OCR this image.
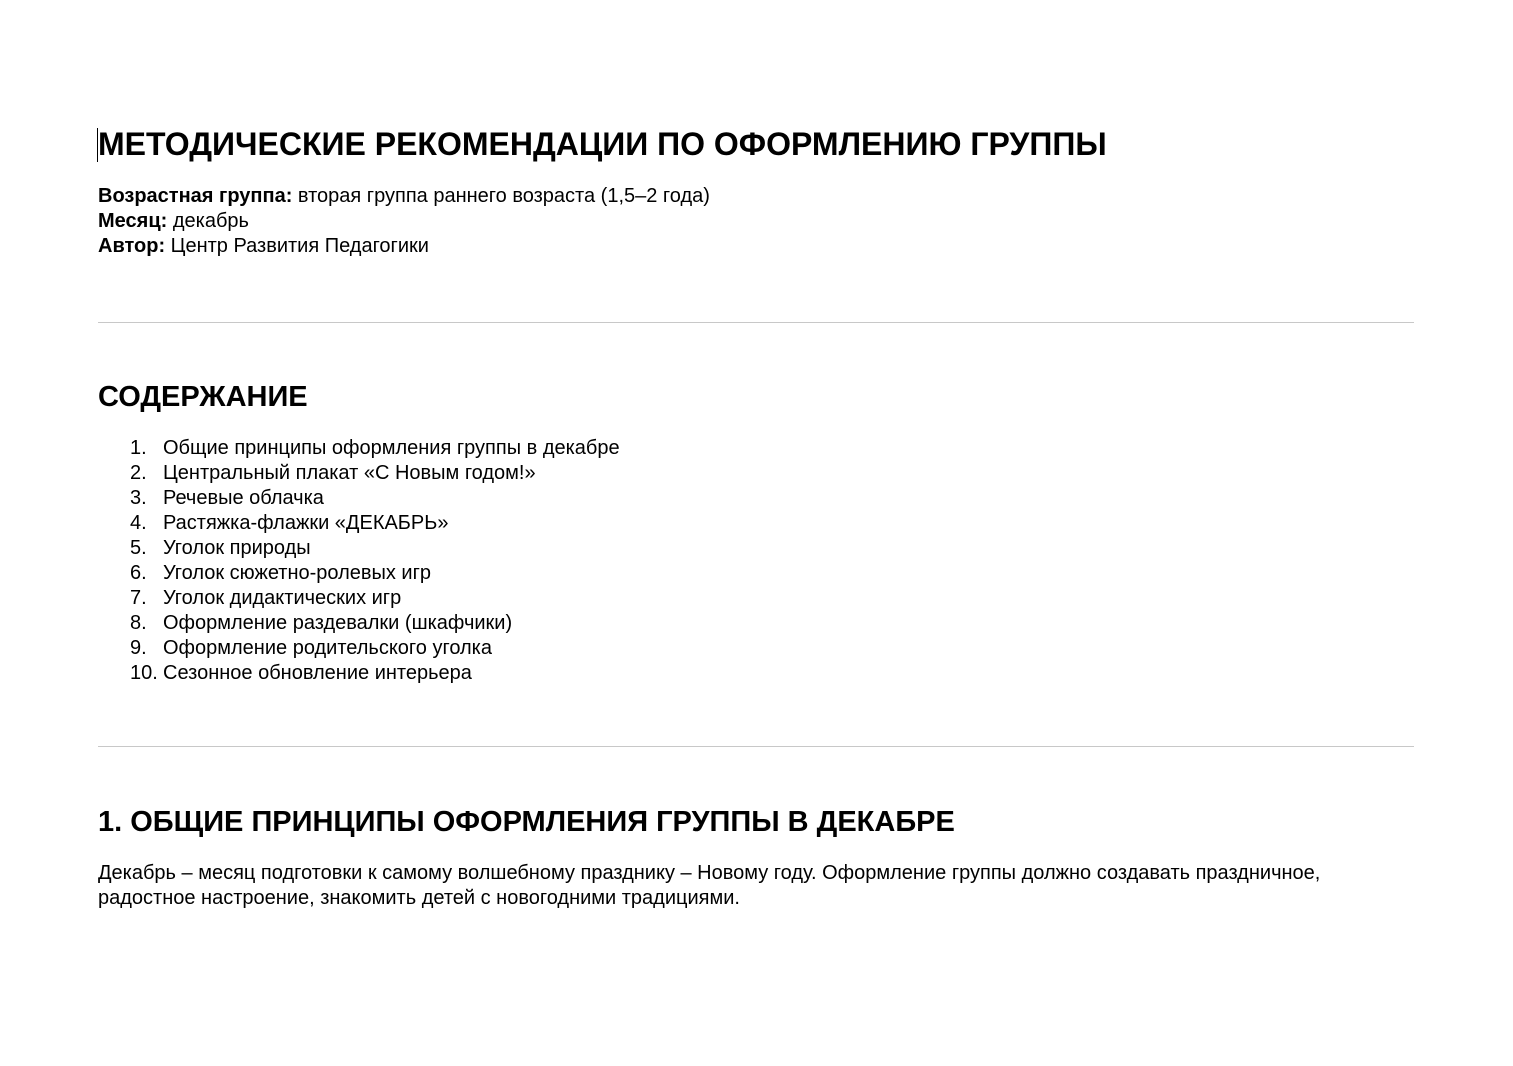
МЕТОДИЧЕСКИЕ РЕКОМЕНДАЦИИ ПО ОФОРМЛЕНИЮ ГРУППЫ
Возрастная группа: вторая группа раннего возраста (1,5–2 года)
Месяц: декабрь
Автор: Центр Развития Педагогики
СОДЕРЖАНИЕ
1. Общие принципы оформления группы в декабре
2. Центральный плакат «С Новым годом!»
3. Речевые облачка
4. Растяжка-флажки «ДЕКАБРЬ»
5. Уголок природы
6. Уголок сюжетно-ролевых игр
7. Уголок дидактических игр
8. Оформление раздевалки (шкафчики)
9. Оформление родительского уголка
10. Сезонное обновление интерьера
1. ОБЩИЕ ПРИНЦИПЫ ОФОРМЛЕНИЯ ГРУППЫ В ДЕКАБРЕ

Декабрь – месяц подготовки к самому волшебному празднику – Новому году. Оформление группы должно создавать праздничное, радостное настроение, знакомить детей с новогодними традициями.
